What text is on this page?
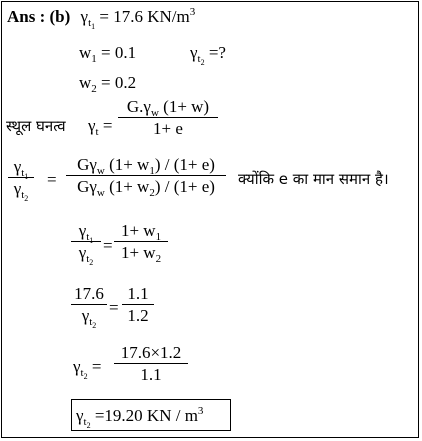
Ans : (b) $\gamma_{t_1} = 17.6$ $KN/m^3$
$w_1 = 0.1$	$\gamma_{t_2}$ =?
$w_2 = 0.2$
स्थूल घनत्व $\gamma_t$ =
$G.\gamma_w$ (1+ w)
1+ e
$\gamma_{t_1}$
$\gamma_{t_2}$
=
$G\gamma_w$ $(1+ w_1) / (1+ e)$
$G\gamma_w$ $(1+ w_2) / (1+ e)$	क्योंकि e का मान समान है।
$\gamma_{t_1}$
$\gamma_{t_2}$
=
$1+ w_1$
$1+ w_2$
17.6
$\gamma_{t_2}$
=
1.1
1.2
$\gamma_{t_2}$ =
17.6×1.2
1.1
$\gamma_{t_2} =19.20$ KN / $m^3$
